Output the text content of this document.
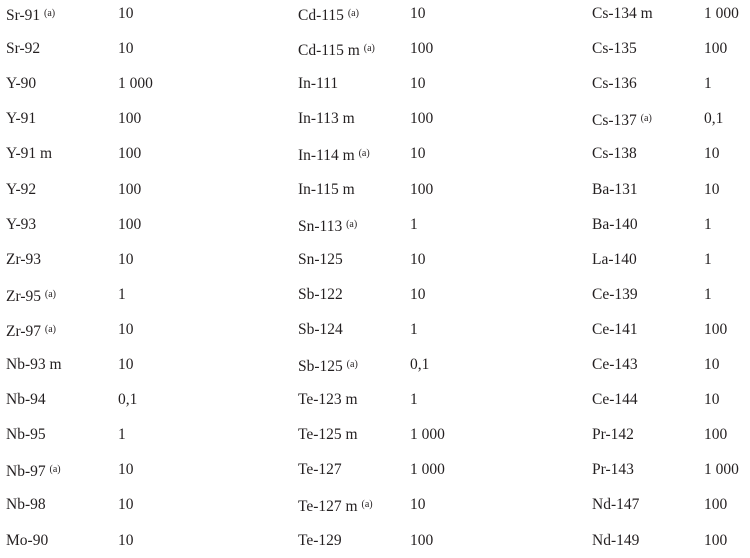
Sr-91 $^{(a)}$	10
Sr-92	10
Y-90	1 000
Y-91	100
Y-91 m	100
Y-92	100
Y-93	100
Zr-93	10
Zr-95 $^{(a)}$	1
Zr-97 $^{(a)}$	10
Nb-93 m	10
Nb-94	0,1
Nb-95	1
Nb-97 $^{(a)}$	10
Nb-98	10
Mo-90	10
Cd-115 $^{(a)}$	10
Cd-115 m $^{(a)}$ 100
In-111	10
In-113 m	100
In-114 m $^{(a)}$	10
In-115 m	100
Sn-113 $^{(a)}$	1
Sn-125	10
Sb-122	10
Sb-124	1
Sb-125 $^{(a)}$	0,1
Te-123 m	1
Te-125 m	1 000
Te-127	1 000
Te-127 m $^{(a)}$ 10
Te-129	100
Cs-134 m	1 000
Cs-135	100
Cs-136	1
Cs-137 $^{(a)}$	0,1
Cs-138	10
Ba-131	10
Ba-140	1
La-140	1
Ce-139	1
Ce-141	100
Ce-143	10
Ce-144	10
Pr-142	100
Pr-143	1 000
Nd-147	100
Nd-149	100
